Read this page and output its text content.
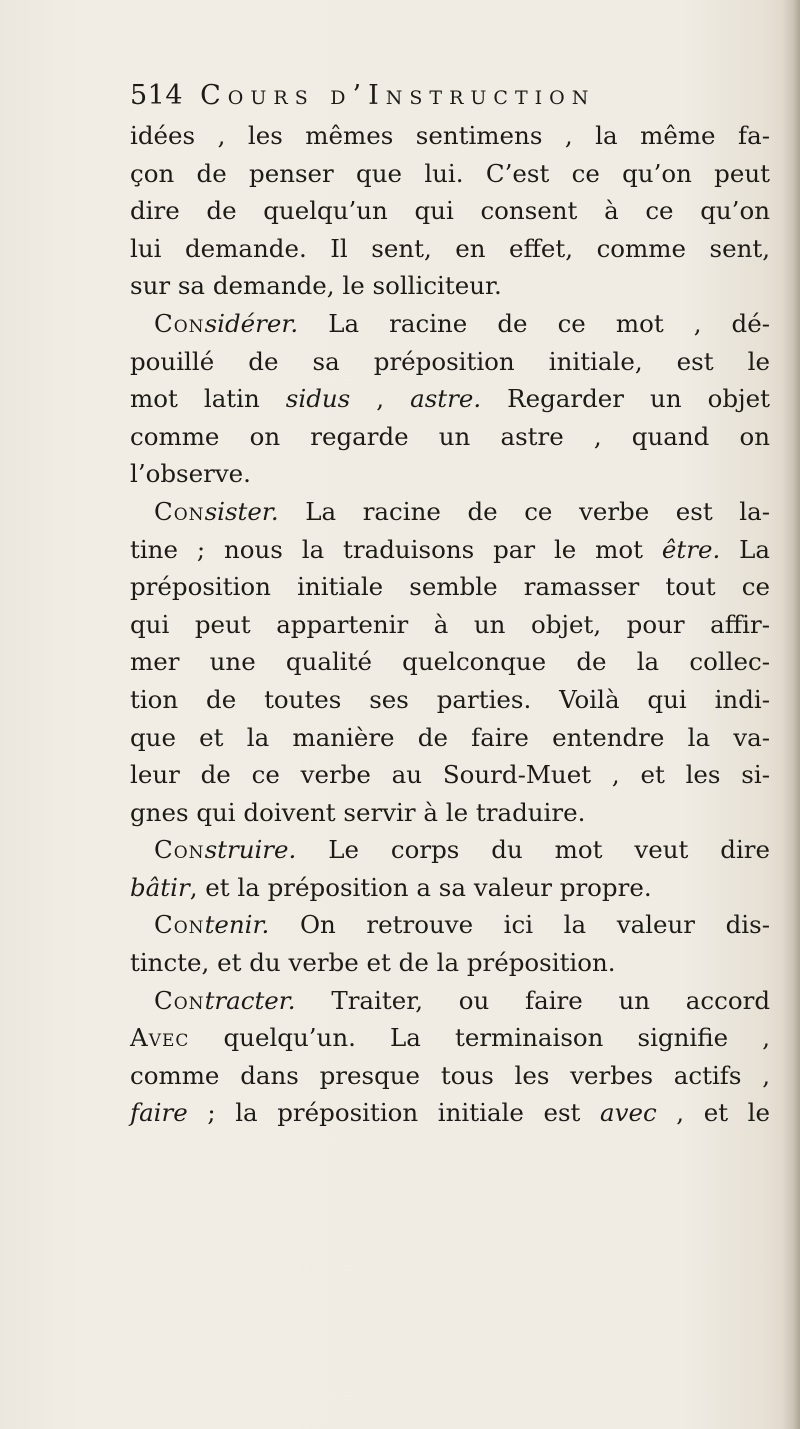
514 Cours d’Instruction
idées , les mêmes sentimens , la même fa-
çon de penser que lui. C’est ce qu’on peut
dire de quelqu’un qui consent à ce qu’on
lui demande. Il sent, en effet, comme sent,
sur sa demande, le solliciteur.
Considérer. La racine de ce mot , dé-
pouillé de sa préposition initiale, est le
mot latin sidus , astre. Regarder un objet
comme on regarde un astre , quand on
l’observe.
Consister. La racine de ce verbe est la-
tine ; nous la traduisons par le mot être. La
préposition initiale semble ramasser tout ce
qui peut appartenir à un objet, pour affir-
mer une qualité quelconque de la collec-
tion de toutes ses parties. Voilà qui indi-
que et la manière de faire entendre la va-
leur de ce verbe au Sourd-Muet , et les si-
gnes qui doivent servir à le traduire.
Construire. Le corps du mot veut dire
bâtir, et la préposition a sa valeur propre.
Contenir. On retrouve ici la valeur dis-
tincte, et du verbe et de la préposition.
Contracter. Traiter, ou faire un accord
Avec quelqu’un. La terminaison signifie ,
comme dans presque tous les verbes actifs ,
faire ; la préposition initiale est avec , et le
